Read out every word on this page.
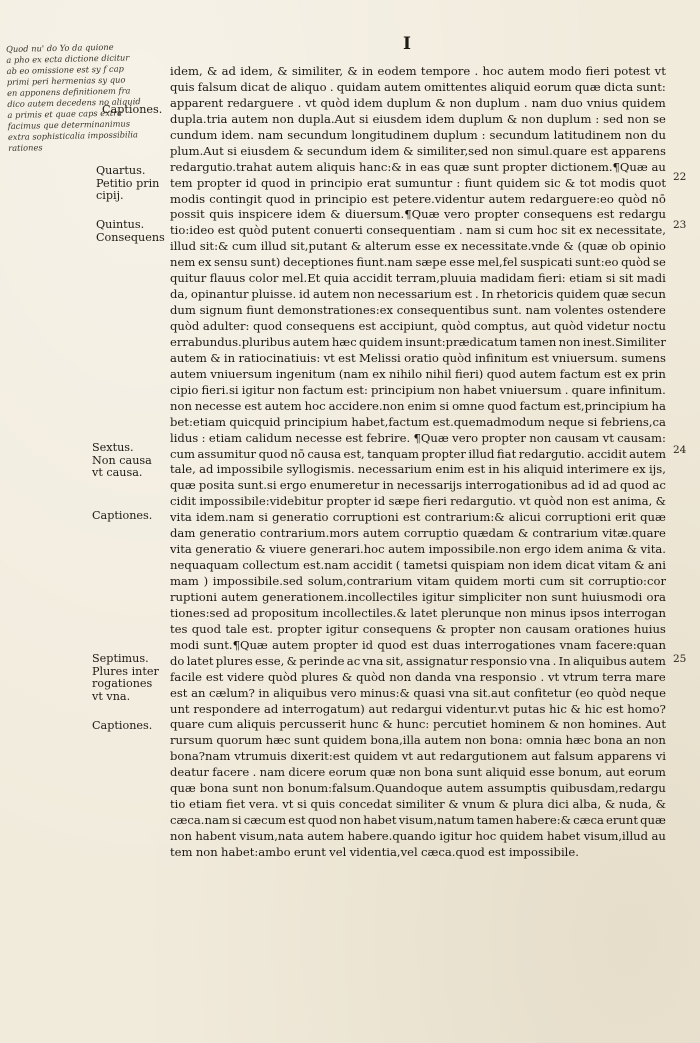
I
Quod nu' do Yo da quione
a pho ex ecta dictione dicitur
ab eo omissione est sy f cap
primi peri hermenias sy quo
en apponens definitionem fra
dico autem decedens no aliquid
a primis et quae caps extra
facimus que determinanimus
extra sophisticalia impossibilia
rationes
Captiones.
Quartus.
Petitio prin
cipij.
Quintus.
Consequens
Sextus.
Non causa
vt causa.
Captiones.
Septimus.
Plures inter
rogationes
vt vna.
Captiones.
idem, & ad idem, & similiter, & in eodem tempore . hoc autem modo fieri potest vt
quis falsum dicat de aliquo . quidam autem omittentes aliquid eorum quæ dicta sunt:
apparent redarguere . vt quòd idem duplum & non duplum . nam duo vnius quidem
dupla.tria autem non dupla.Aut si eiusdem idem duplum & non duplum : sed non se
cundum idem. nam secundum longitudinem duplum : secundum latitudinem non du
plum.Aut si eiusdem & secundum idem & similiter,sed non simul.quare est apparens
redargutio.trahat autem aliquis hanc:& in eas quæ sunt propter dictionem.¶Quæ au
tem propter id quod in principio erat sumuntur : fiunt quidem sic & tot modis quot
modis contingit quod in principio est petere.videntur autem redarguere:eo quòd nō
possit quis inspicere idem & diuersum.¶Quæ vero propter consequens est redargu
tio:ideo est quòd putent conuerti consequentiam . nam si cum hoc sit ex necessitate,
illud sit:& cum illud sit,putant & alterum esse ex necessitate.vnde & (quæ ob opinio
nem ex sensu sunt) deceptiones fiunt.nam sæpe esse mel,fel suspicati sunt:eo quòd se
quitur flauus color mel.Et quia accidit terram,pluuia madidam fieri: etiam si sit madi
da, opinantur pluisse. id autem non necessarium est . In rhetoricis quidem quæ secun
dum signum fiunt demonstrationes:ex consequentibus sunt. nam volentes ostendere
quòd adulter: quod consequens est accipiunt, quòd comptus, aut quòd videtur noctu
errabundus.pluribus autem hæc quidem insunt:prædicatum tamen non inest.Similiter
autem & in ratiocinatiuis: vt est Melissi oratio quòd infinitum est vniuersum. sumens
autem vniuersum ingenitum (nam ex nihilo nihil fieri) quod autem factum est ex prin
cipio fieri.si igitur non factum est: principium non habet vniuersum . quare infinitum.
non necesse est autem hoc accidere.non enim si omne quod factum est,principium ha
bet:etiam quicquid principium habet,factum est.quemadmodum neque si febriens,ca
lidus : etiam calidum necesse est febrire. ¶Quæ vero propter non causam vt causam:
cum assumitur quod nō causa est, tanquam propter illud fiat redargutio. accidit autem
tale, ad impossibile syllogismis. necessarium enim est in his aliquid interimere ex ijs,
quæ posita sunt.si ergo enumeretur in necessarijs interrogationibus ad id ad quod ac
cidit impossibile:videbitur propter id sæpe fieri redargutio. vt quòd non est anima, &
vita idem.nam si generatio corruptioni est contrarium:& alicui corruptioni erit quæ
dam generatio contrarium.mors autem corruptio quædam & contrarium vitæ.quare
vita generatio & viuere generari.hoc autem impossibile.non ergo idem anima & vita.
nequaquam collectum est.nam accidit ( tametsi quispiam non idem dicat vitam & ani
mam ) impossibile.sed solum,contrarium vitam quidem morti cum sit corruptio:cor
ruptioni autem generationem.incollectiles igitur simpliciter non sunt huiusmodi ora
tiones:sed ad propositum incollectiles.& latet plerunque non minus ipsos interrogan
tes quod tale est. propter igitur consequens & propter non causam orationes huius
modi sunt.¶Quæ autem propter id quod est duas interrogationes vnam facere:quan
do latet plures esse, & perinde ac vna sit, assignatur responsio vna . In aliquibus autem
facile est videre quòd plures & quòd non danda vna responsio . vt vtrum terra mare
est an cælum? in aliquibus vero minus:& quasi vna sit.aut confitetur (eo quòd neque
unt respondere ad interrogatum) aut redargui videntur.vt putas hic & hic est homo?
quare cum aliquis percusserit hunc & hunc: percutiet hominem & non homines. Aut
rursum quorum hæc sunt quidem bona,illa autem non bona: omnia hæc bona an non
bona?nam vtrumuis dixerit:est quidem vt aut redargutionem aut falsum apparens vi
deatur facere . nam dicere eorum quæ non bona sunt aliquid esse bonum, aut eorum
quæ bona sunt non bonum:falsum.Quandoque autem assumptis quibusdam,redargu
tio etiam fiet vera. vt si quis concedat similiter & vnum & plura dici alba, & nuda, &
cæca.nam si cæcum est quod non habet visum,natum tamen habere:& cæca erunt quæ
non habent visum,nata autem habere.quando igitur hoc quidem habet visum,illud au
tem non habet:ambo erunt vel videntia,vel cæca.quod est impossibile.
22
23
24
25
